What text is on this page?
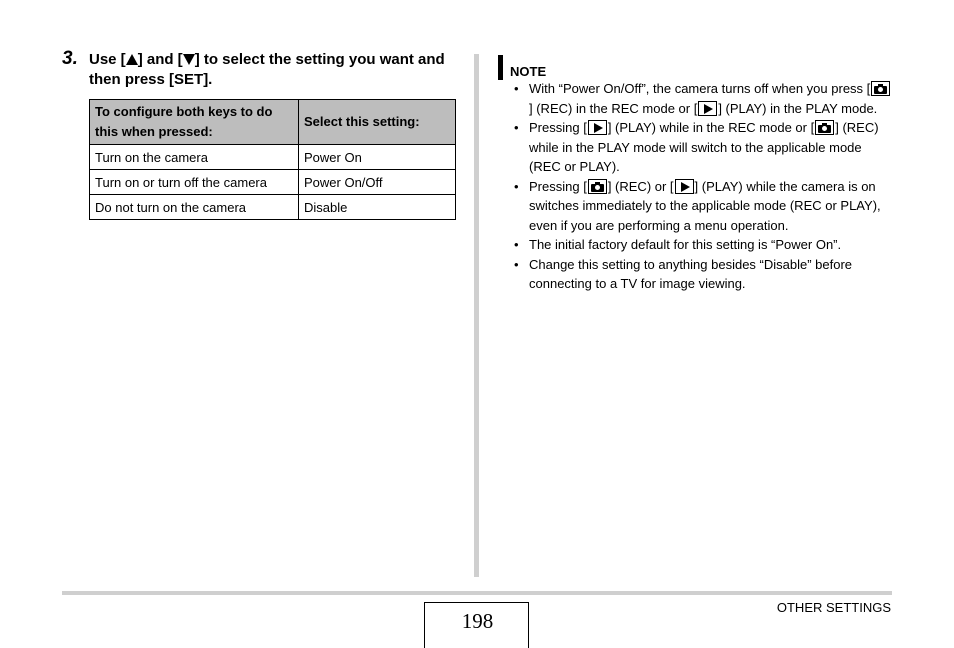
3. Use [ ] and [ ] to select the setting you want and then press [SET].
To configure both keys to do this when pressed:	Select this setting:
Turn on the camera	Power On
Turn on or turn off the camera	Power On/Off
Do not turn on the camera	Disable
NOTE
• With “Power On/Off”, the camera turns off when you press [
] (REC) in the REC mode or [ ] (PLAY) in the PLAY mode.
• Pressing [ ] (PLAY) while in the REC mode or [ ] (REC) while in the PLAY mode will switch to the applicable mode (REC or PLAY).
• Pressing [ ] (REC) or [ ] (PLAY) while the camera is on switches immediately to the applicable mode (REC or PLAY), even if you are performing a menu operation.
• The initial factory default for this setting is “Power On”.
• Change this setting to anything besides “Disable” before connecting to a TV for image viewing.
198
OTHER SETTINGS
